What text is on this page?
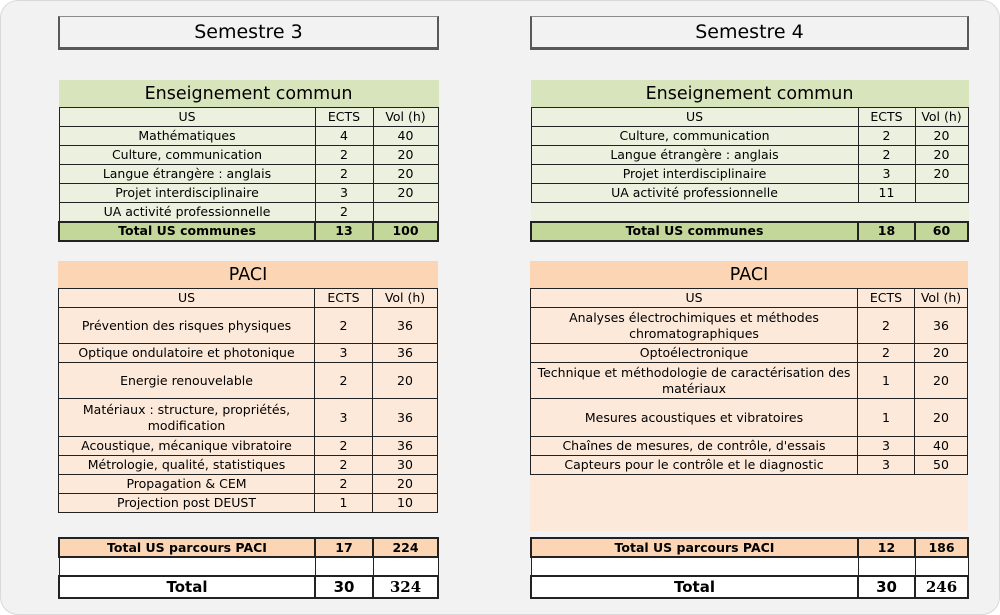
Semestre 3
Enseignement commun		
US	ECTS	Vol (h)
Mathématiques	4	40
Culture, communication	2	20
Langue étrangère : anglais	2	20
Projet interdisciplinaire	3	20
UA activité professionnelle	2	
Total US communes	13	100
PACI		
US	ECTS	Vol (h)
Prévention des risques physiques	2	36
Optique ondulatoire et photonique	3	36
Energie renouvelable	2	20
Matériaux : structure, propriétés, modification	3	36
Acoustique, mécanique vibratoire	2	36
Métrologie, qualité, statistiques	2	30
Propagation & CEM	2	20
Projection post DEUST	1	10
Total US parcours PACI	17	224

Total	30	324
Semestre 4
Enseignement commun		
US	ECTS	Vol (h)
Culture, communication	2	20
Langue étrangère : anglais	2	20
Projet interdisciplinaire	3	20
UA activité professionnelle	11	

Total US communes	18	60
PACI		
US	ECTS	Vol (h)
Analyses électrochimiques et méthodes chromatographiques	2	36
Optoélectronique	2	20
Technique et méthodologie de caractérisation des matériaux	1	20
Mesures acoustiques et vibratoires	1	20
Chaînes de mesures, de contrôle, d'essais	3	40
Capteurs pour le contrôle et le diagnostic	3	50

Total US parcours PACI	12	186

Total	30	246
